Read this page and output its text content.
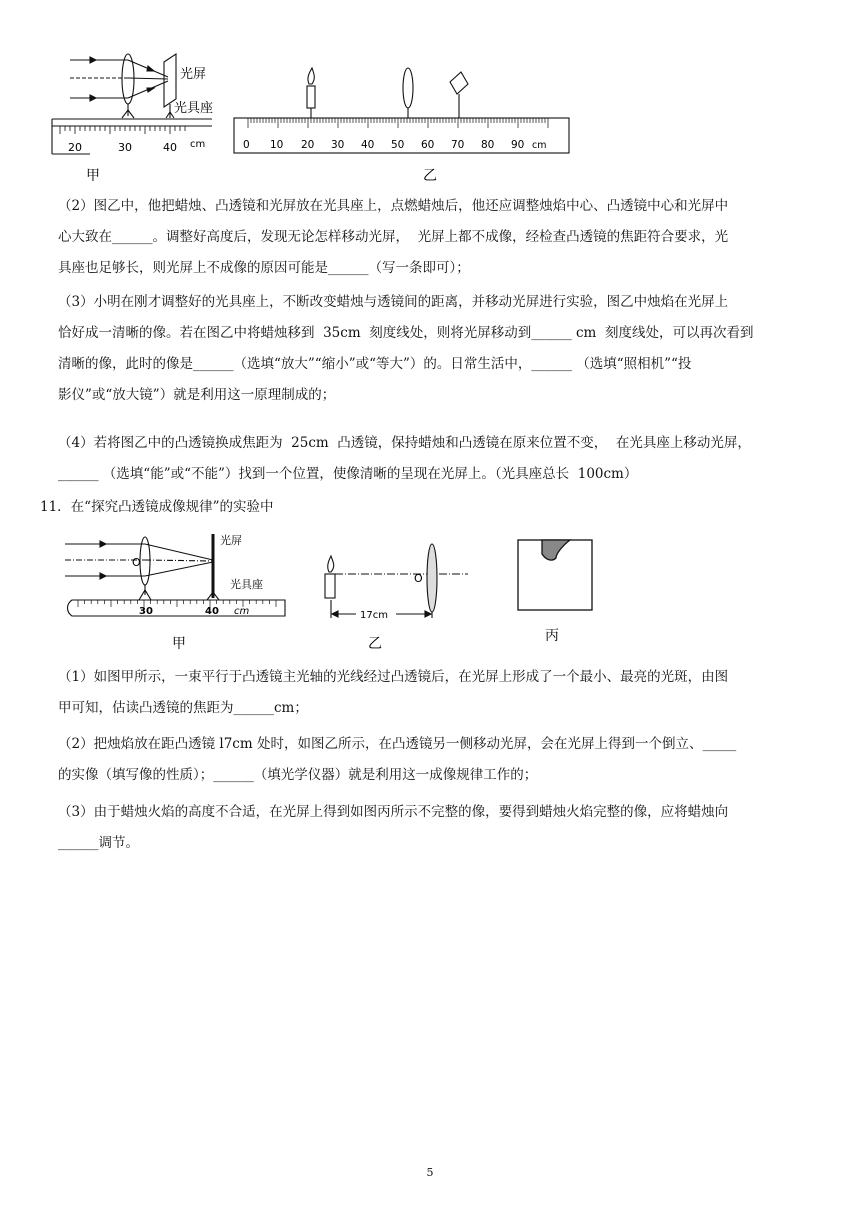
光屏
光具座
20	30	40 cm
甲
0 10 20 30 40 50 60 70 80 90 cm
乙
（2）图乙中，他把蜡烛、凸透镜和光屏放在光具座上，点燃蜡烛后，他还应调整烛焰中心、凸透镜中心和光屏中
心大致在______。调整好高度后，发现无论怎样移动光屏，  光屏上都不成像，经检查凸透镜的焦距符合要求，光
具座也足够长，则光屏上不成像的原因可能是______（写一条即可）；
（3）小明在刚才调整好的光具座上，不断改变蜡烛与透镜间的距离，并移动光屏进行实验，图乙中烛焰在光屏上
恰好成一清晰的像。若在图乙中将蜡烛移到  35cm  刻度线处，则将光屏移动到______ cm  刻度线处，可以再次看到
清晰的像，此时的像是______（选填“放大”“缩小”或“等大”）的。日常生活中，______ （选填“照相机”“投
影仪”或“放大镜”）就是利用这一原理制成的；
（4）若将图乙中的凸透镜换成焦距为  25cm  凸透镜，保持蜡烛和凸透镜在原来位置不变，  在光具座上移动光屏，
______ （选填“能”或“不能”）找到一个位置，使像清晰的呈现在光屏上。（光具座总长  100cm）
11．在“探究凸透镜成像规律”的实验中
光屏
O
光具座
30	40 cm
甲
O
17cm
乙	丙
（1）如图甲所示，一束平行于凸透镜主光轴的光线经过凸透镜后，在光屏上形成了一个最小、最亮的光斑，由图
甲可知，估读凸透镜的焦距为______cm；
（2）把烛焰放在距凸透镜 l7cm 处时，如图乙所示，在凸透镜另一侧移动光屏，会在光屏上得到一个倒立、_____
的实像（填写像的性质）；______（填光学仪器）就是利用这一成像规律工作的；
（3）由于蜡烛火焰的高度不合适，在光屏上得到如图丙所示不完整的像，要得到蜡烛火焰完整的像，应将蜡烛向
______调节。
5
